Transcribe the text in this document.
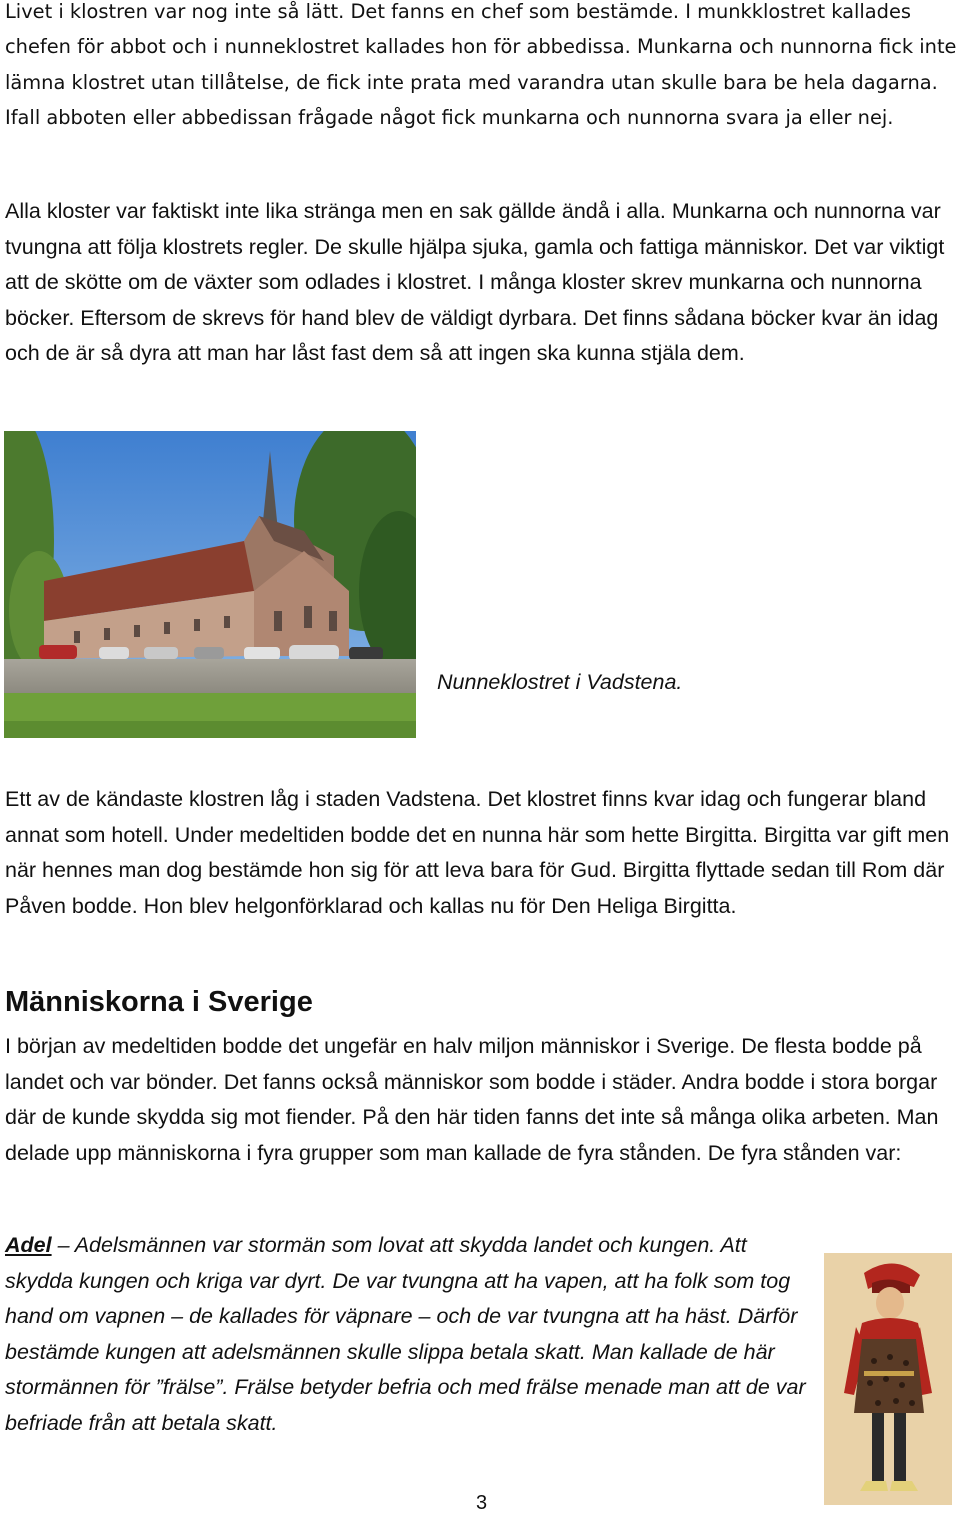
Livet i klostren var nog inte så lätt. Det fanns en chef som bestämde. I munkklostret kallades chefen för abbot och i nunneklostret kallades hon för abbedissa. Munkarna och nunnorna fick inte lämna klostret utan tillåtelse, de fick inte prata med varandra utan skulle bara be hela dagarna. Ifall abboten eller abbedissan frågade något fick munkarna och nunnorna svara ja eller nej.

Alla kloster var faktiskt inte lika stränga men en sak gällde ändå i alla. Munkarna och nunnorna var tvungna att följa klostrets regler. De skulle hjälpa sjuka, gamla och fattiga människor. Det var viktigt att de skötte om de växter som odlades i klostret. I många kloster skrev munkarna och nunnorna böcker. Eftersom de skrevs för hand blev de väldigt dyrbara. Det finns sådana böcker kvar än idag och de är så dyra att man har låst fast dem så att ingen ska kunna stjäla dem.

Nunneklostret i Vadstena.

Ett av de kändaste klostren låg i staden Vadstena. Det klostret finns kvar idag och fungerar bland annat som hotell. Under medeltiden bodde det en nunna här som hette Birgitta. Birgitta var gift men när hennes man dog bestämde hon sig för att leva bara för Gud. Birgitta flyttade sedan till Rom där Påven bodde. Hon blev helgonförklarad och kallas nu för Den Heliga Birgitta.

Människorna i Sverige

I början av medeltiden bodde det ungefär en halv miljon människor i Sverige. De flesta bodde på landet och var bönder. Det fanns också människor som bodde i städer. Andra bodde i stora borgar där de kunde skydda sig mot fiender. På den här tiden fanns det inte så många olika arbeten. Man delade upp människorna i fyra grupper som man kallade de fyra stånden. De fyra stånden var:

Adel – Adelsmännen var stormän som lovat att skydda landet och kungen. Att skydda kungen och kriga var dyrt. De var tvungna att ha vapen, att ha folk som tog hand om vapnen – de kallades för väpnare – och de var tvungna att ha häst. Därför bestämde kungen att adelsmännen skulle slippa betala skatt. Man kallade de här stormännen för ”frälse”. Frälse betyder befria och med frälse menade man att de var befriade från att betala skatt.

3
